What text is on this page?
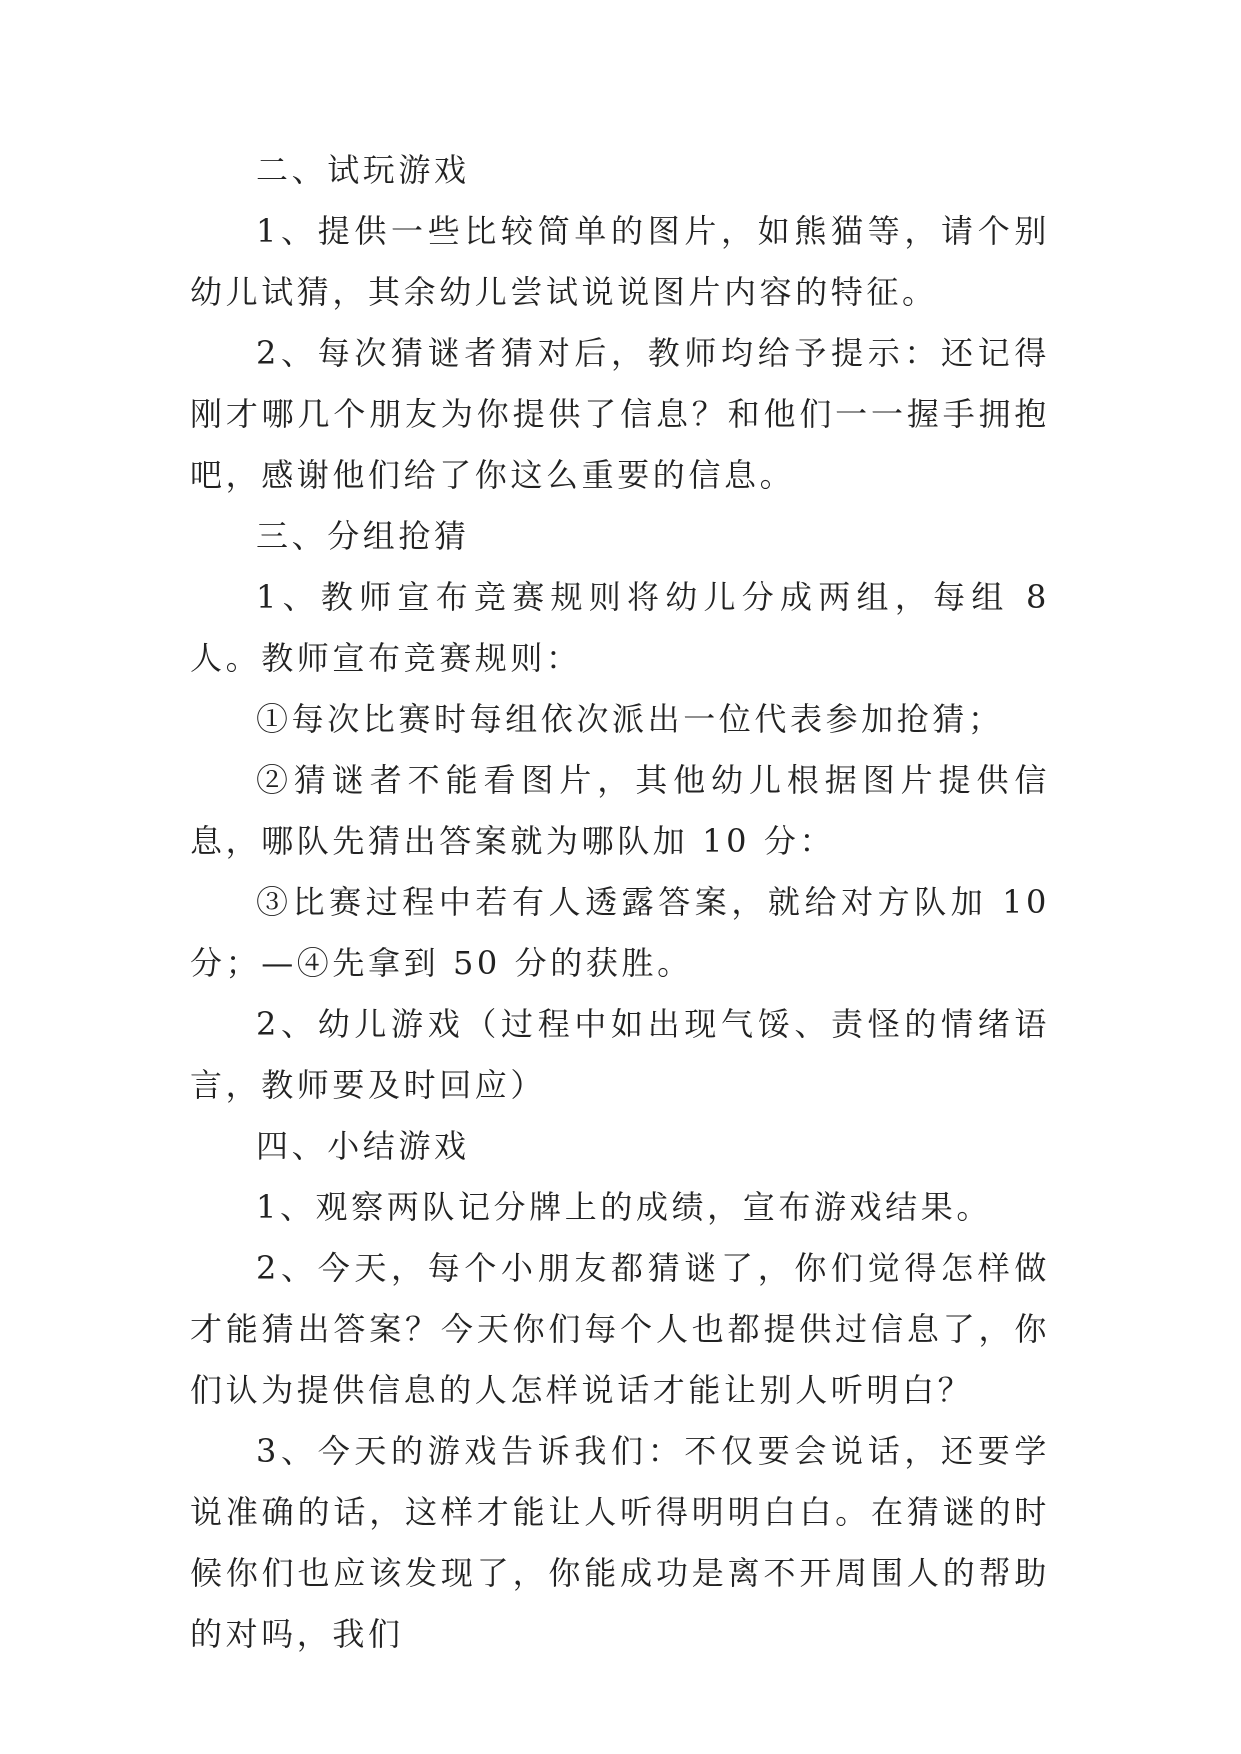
二、试玩游戏

1、提供一些比较简单的图片，如熊猫等，请个别幼儿试猜，其余幼儿尝试说说图片内容的特征。

2、每次猜谜者猜对后，教师均给予提示：还记得刚才哪几个朋友为你提供了信息？和他们一一握手拥抱吧，感谢他们给了你这么重要的信息。

三、分组抢猜

1、教师宣布竞赛规则将幼儿分成两组，每组 8 人。教师宣布竞赛规则：

①每次比赛时每组依次派出一位代表参加抢猜；

②猜谜者不能看图片，其他幼儿根据图片提供信息，哪队先猜出答案就为哪队加 10 分：

③比赛过程中若有人透露答案，就给对方队加 10 分；—④先拿到 50 分的获胜。

2、幼儿游戏（过程中如出现气馁、责怪的情绪语言，教师要及时回应）

四、小结游戏

1、观察两队记分牌上的成绩，宣布游戏结果。

2、今天，每个小朋友都猜谜了，你们觉得怎样做才能猜出答案？今天你们每个人也都提供过信息了，你们认为提供信息的人怎样说话才能让别人听明白？

3、今天的游戏告诉我们：不仅要会说话，还要学说准确的话，这样才能让人听得明明白白。在猜谜的时候你们也应该发现了，你能成功是离不开周围人的帮助的对吗，我们
